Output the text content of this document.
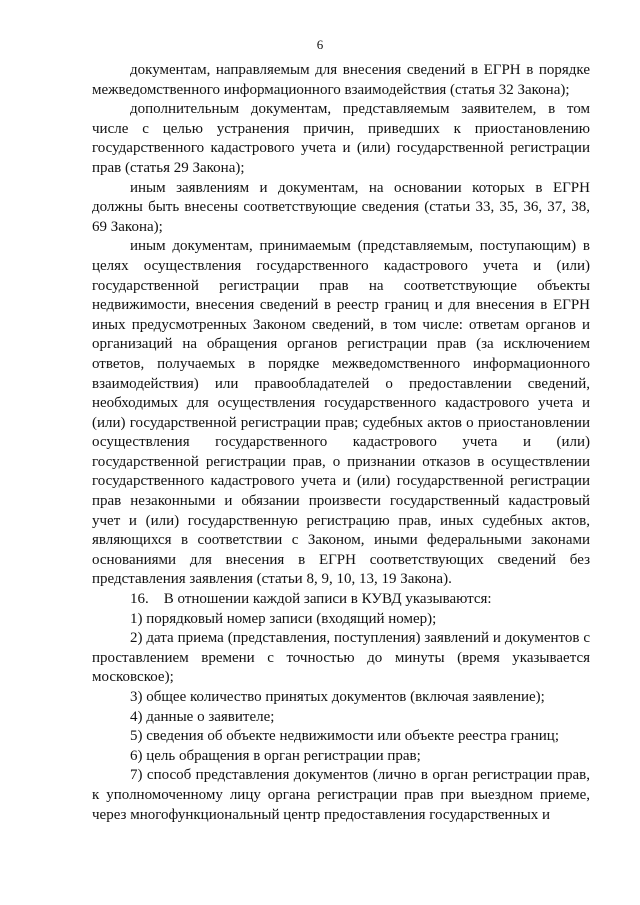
6

документам, направляемым для внесения сведений в ЕГРН в порядке межведомственного информационного взаимодействия (статья 32 Закона);

дополнительным документам, представляемым заявителем, в том числе с целью устранения причин, приведших к приостановлению государственного кадастрового учета и (или) государственной регистрации прав (статья 29 Закона);

иным заявлениям и документам, на основании которых в ЕГРН должны быть внесены соответствующие сведения (статьи 33, 35, 36, 37, 38, 69 Закона);

иным документам, принимаемым (представляемым, поступающим) в целях осуществления государственного кадастрового учета и (или) государственной регистрации прав на соответствующие объекты недвижимости, внесения сведений в реестр границ и для внесения в ЕГРН иных предусмотренных Законом сведений, в том числе: ответам органов и организаций на обращения органов регистрации прав (за исключением ответов, получаемых в порядке межведомственного информационного взаимодействия) или правообладателей о предоставлении сведений, необходимых для осуществления государственного кадастрового учета и (или) государственной регистрации прав; судебных актов о приостановлении осуществления государственного кадастрового учета и (или) государственной регистрации прав, о признании отказов в осуществлении государственного кадастрового учета и (или) государственной регистрации прав незаконными и обязании произвести государственный кадастровый учет и (или) государственную регистрацию прав, иных судебных актов, являющихся в соответствии с Законом, иными федеральными законами основаниями для внесения в ЕГРН соответствующих сведений без представления заявления (статьи 8, 9, 10, 13, 19 Закона).

16.    В отношении каждой записи в КУВД указываются:

1) порядковый номер записи (входящий номер);

2) дата приема (представления, поступления) заявлений и документов с проставлением времени с точностью до минуты (время указывается московское);

3) общее количество принятых документов (включая заявление);

4) данные о заявителе;

5) сведения об объекте недвижимости или объекте реестра границ;

6) цель обращения в орган регистрации прав;

7) способ представления документов (лично в орган регистрации прав, к уполномоченному лицу органа регистрации прав при выездном приеме, через многофункциональный центр предоставления государственных и
